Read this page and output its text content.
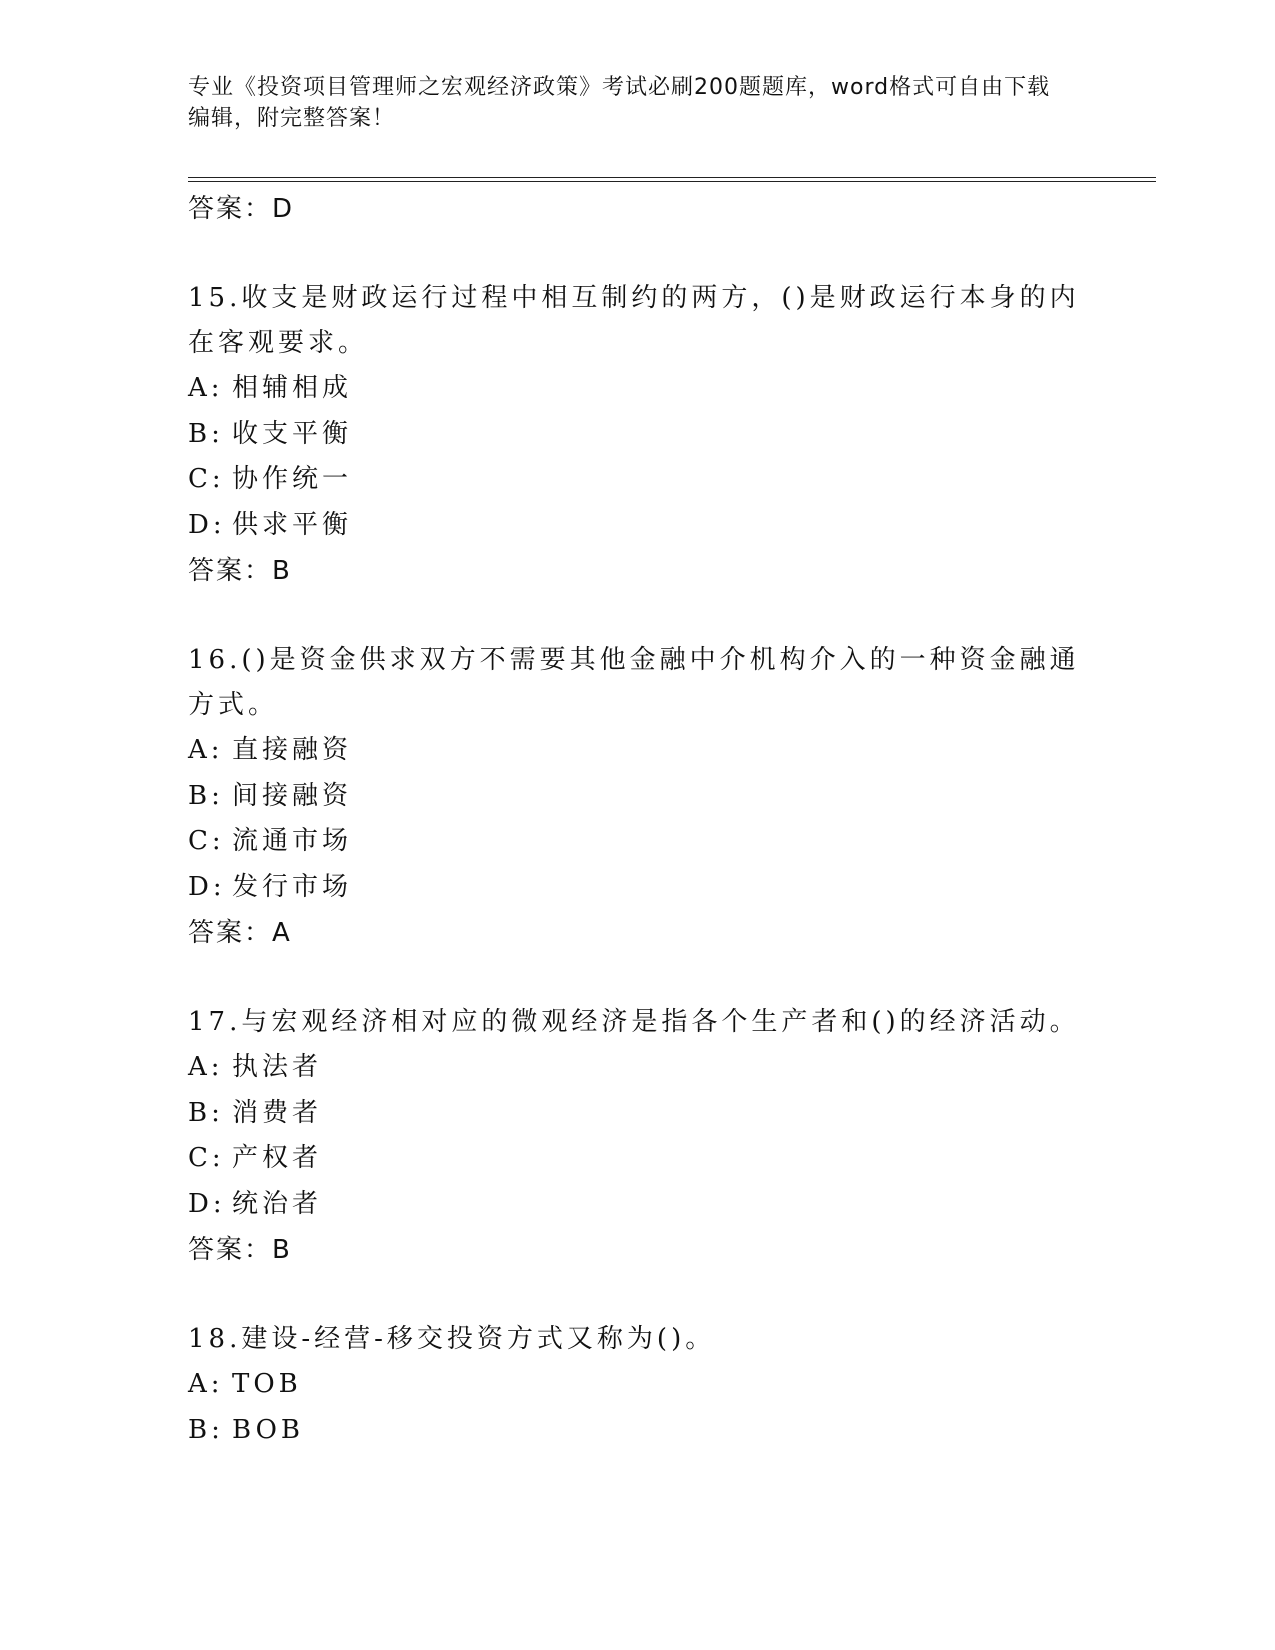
专业《投资项目管理师之宏观经济政策》考试必刷200题题库，word格式可自由下载编辑，附完整答案！

答案：D

15.收支是财政运行过程中相互制约的两方，()是财政运行本身的内在客观要求。

A: 相辅相成

B: 收支平衡

C: 协作统一

D: 供求平衡

答案：B

16.()是资金供求双方不需要其他金融中介机构介入的一种资金融通方式。

A: 直接融资

B: 间接融资

C: 流通市场

D: 发行市场

答案：A

17.与宏观经济相对应的微观经济是指各个生产者和()的经济活动。

A: 执法者

B: 消费者

C: 产权者

D: 统治者

答案：B

18.建设-经营-移交投资方式又称为()。

A: TOB

B: BOB
